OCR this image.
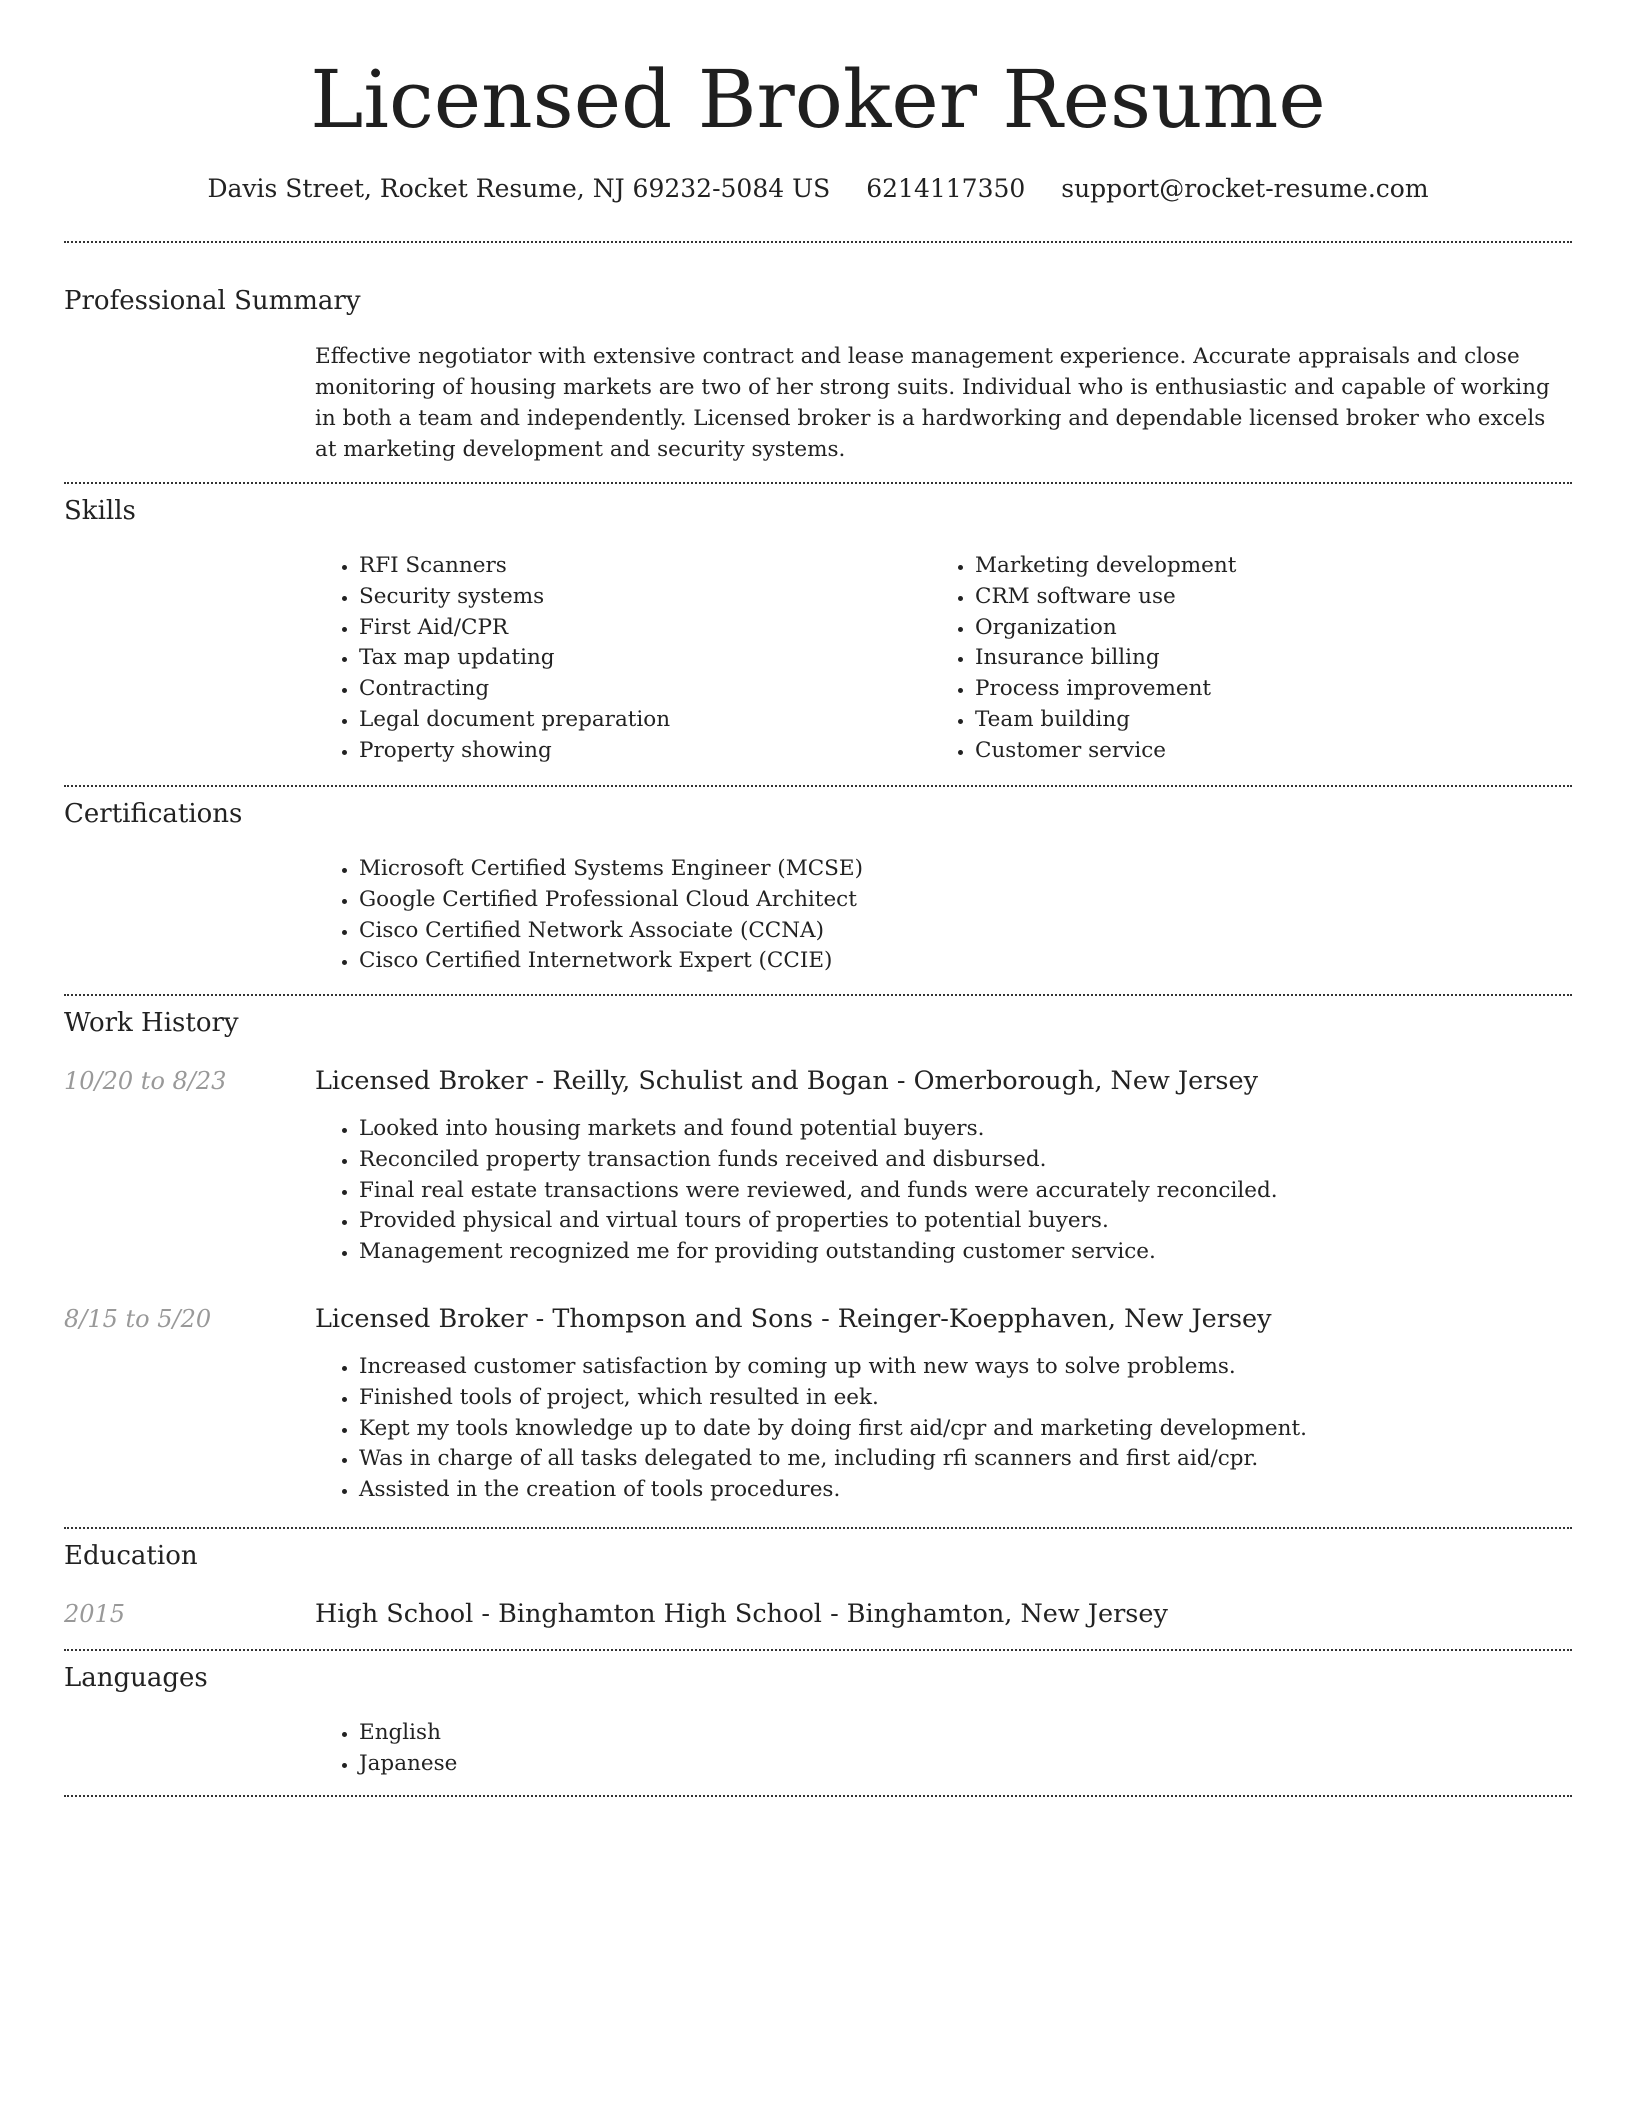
Licensed Broker Resume
Davis Street, Rocket Resume, NJ 69232-5084 US 6214117350 support@rocket-resume.com
Professional Summary
Effective negotiator with extensive contract and lease management experience. Accurate appraisals and close monitoring of housing markets are two of her strong suits. Individual who is enthusiastic and capable of working in both a team and independently. Licensed broker is a hardworking and dependable licensed broker who excels at marketing development and security systems.
Skills
• RFI Scanners
• Security systems
• First Aid/CPR
• Tax map updating
• Contracting
• Legal document preparation
• Property showing
• Marketing development
• CRM software use
• Organization
• Insurance billing
• Process improvement
• Team building
• Customer service
Certifications
• Microsoft Certified Systems Engineer (MCSE)
• Google Certified Professional Cloud Architect
• Cisco Certified Network Associate (CCNA)
• Cisco Certified Internetwork Expert (CCIE)
Work History
10/20 to 8/23	Licensed Broker - Reilly, Schulist and Bogan - Omerborough, New Jersey
• Looked into housing markets and found potential buyers.
• Reconciled property transaction funds received and disbursed.
• Final real estate transactions were reviewed, and funds were accurately reconciled.
• Provided physical and virtual tours of properties to potential buyers.
• Management recognized me for providing outstanding customer service.
8/15 to 5/20	Licensed Broker - Thompson and Sons - Reinger-Koepphaven, New Jersey
• Increased customer satisfaction by coming up with new ways to solve problems.
• Finished tools of project, which resulted in eek.
• Kept my tools knowledge up to date by doing first aid/cpr and marketing development.
• Was in charge of all tasks delegated to me, including rfi scanners and first aid/cpr.
• Assisted in the creation of tools procedures.
Education
2015	High School - Binghamton High School - Binghamton, New Jersey
Languages
• English
• Japanese
